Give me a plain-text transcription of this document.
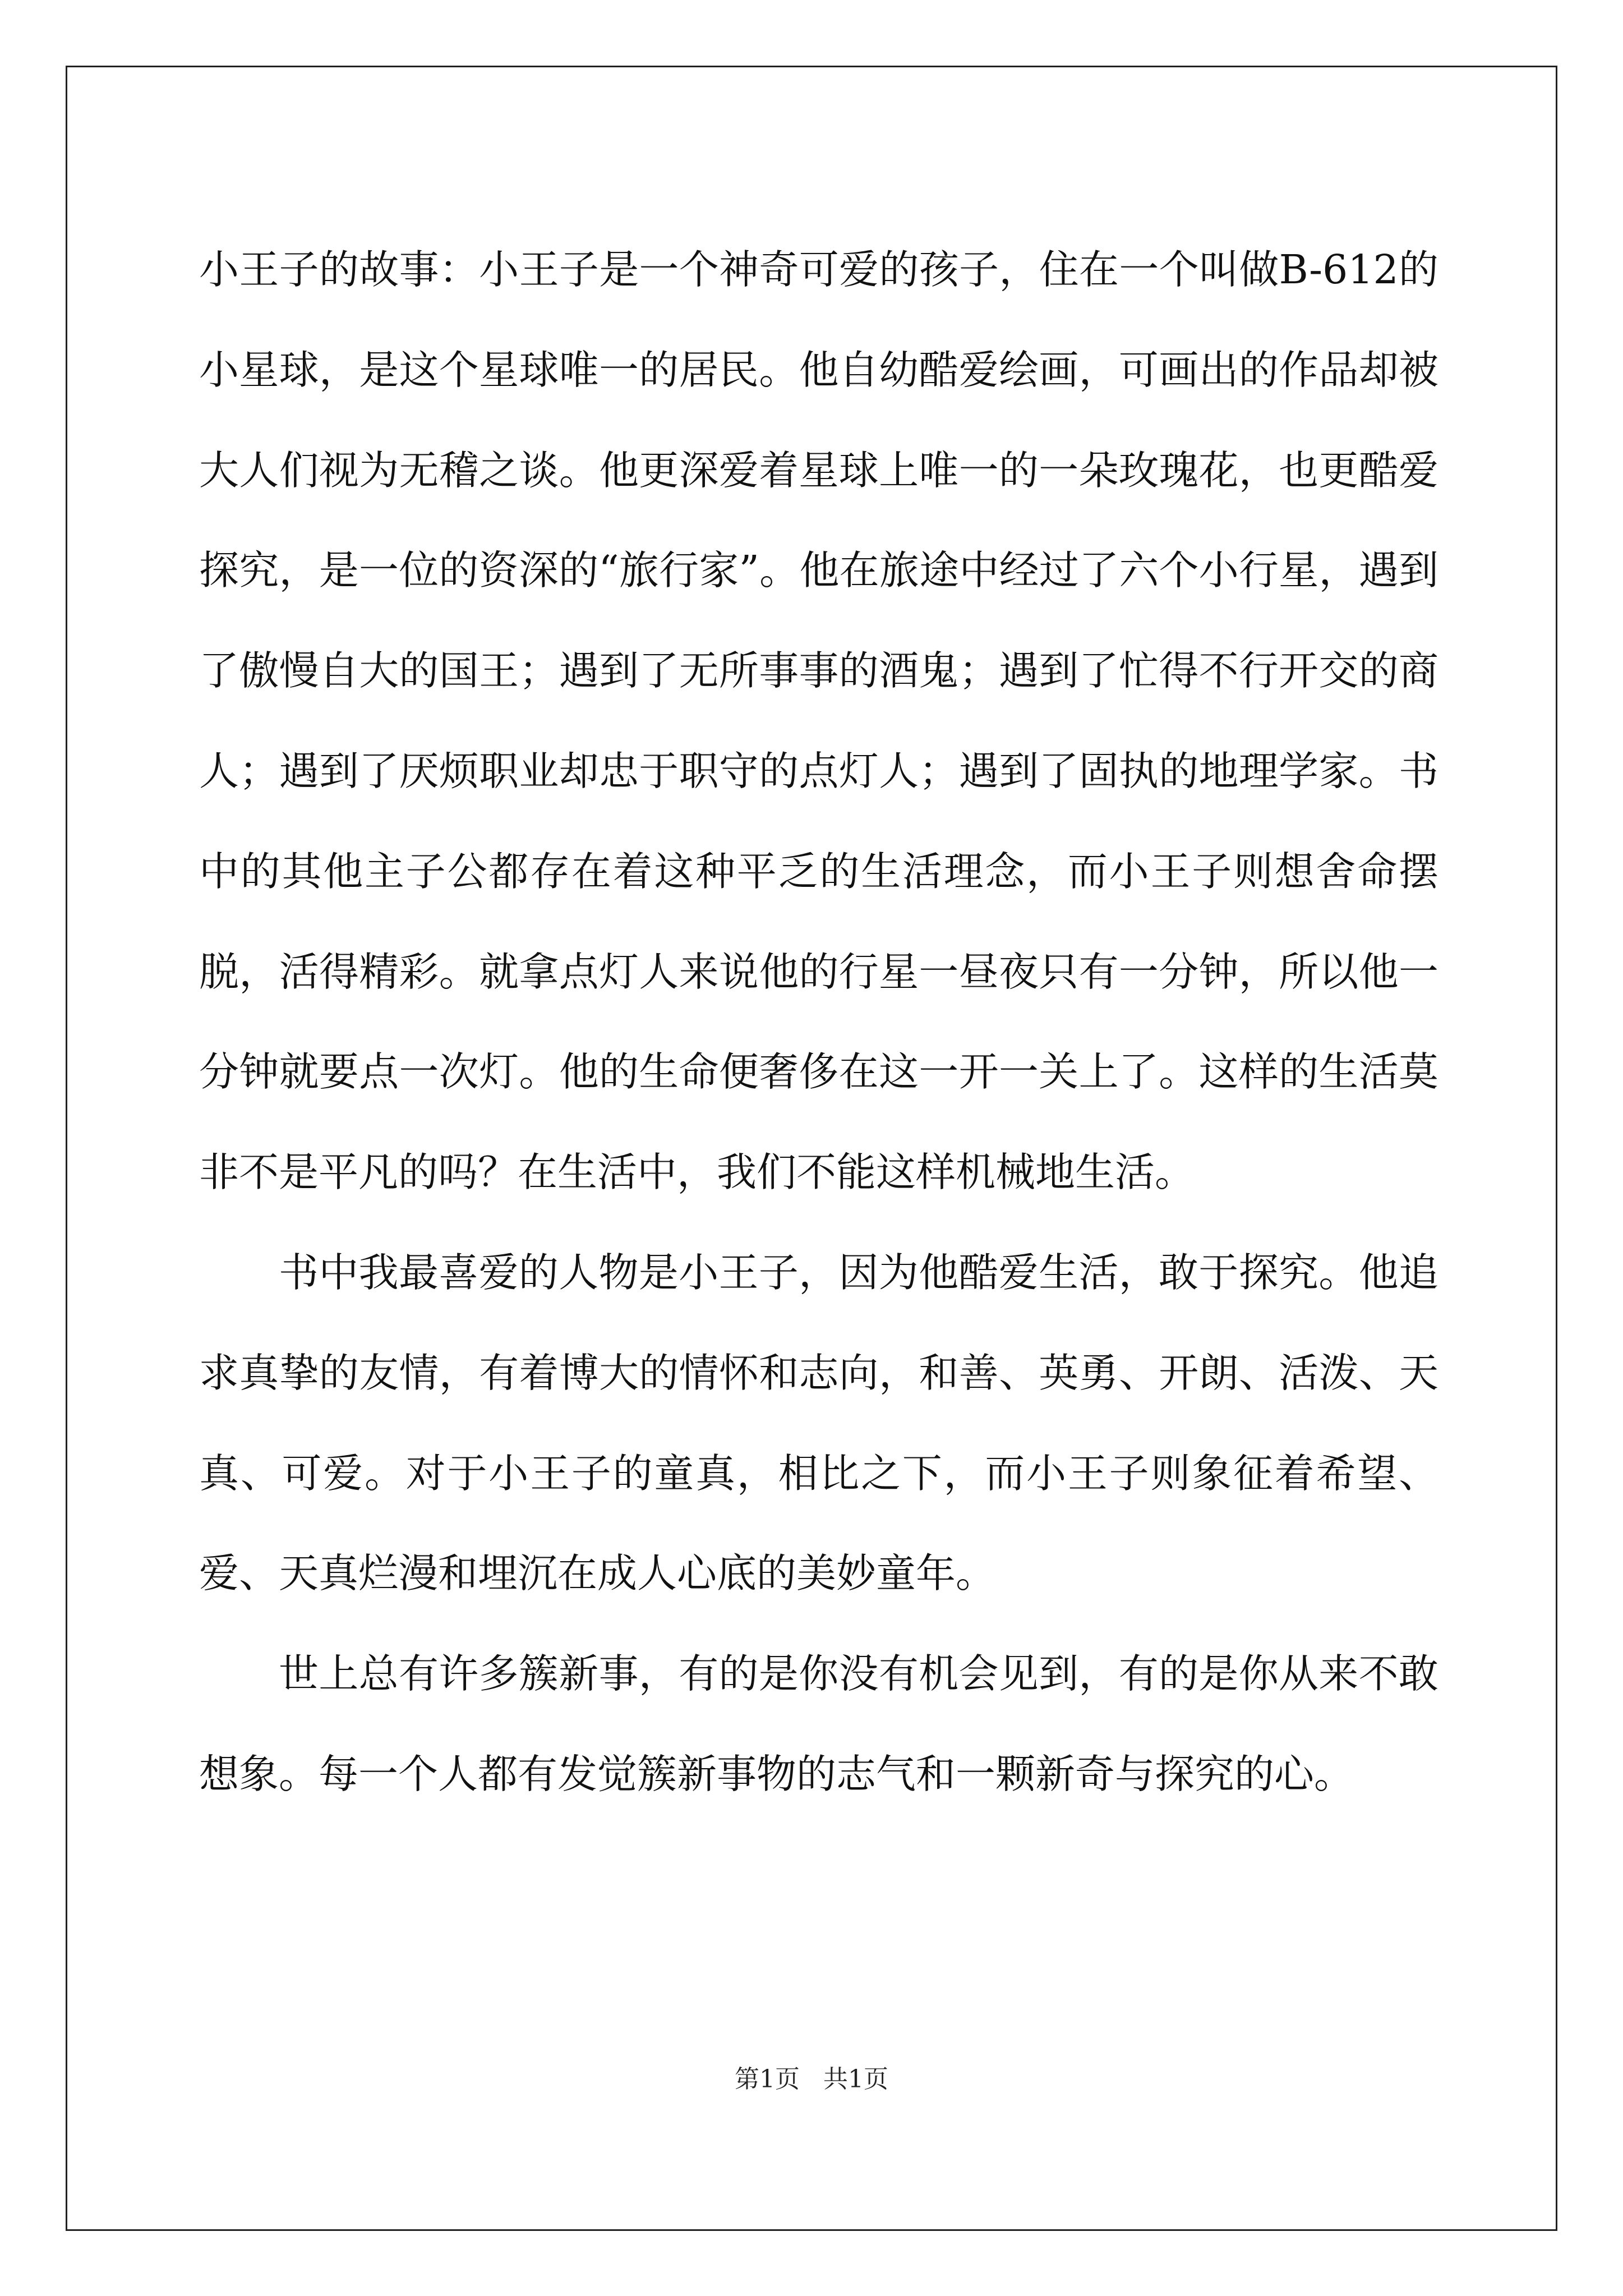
小王子的故事：小王子是一个神奇可爱的孩子，住在一个叫做B-612的小星球，是这个星球唯一的居民。他自幼酷爱绘画，可画出的作品却被大人们视为无稽之谈。他更深爱着星球上唯一的一朵玫瑰花，也更酷爱探究，是一位的资深的“旅行家”。他在旅途中经过了六个小行星，遇到了傲慢自大的国王；遇到了无所事事的酒鬼；遇到了忙得不行开交的商人；遇到了厌烦职业却忠于职守的点灯人；遇到了固执的地理学家。书中的其他主子公都存在着这种平乏的生活理念，而小王子则想舍命摆脱，活得精彩。就拿点灯人来说他的行星一昼夜只有一分钟，所以他一分钟就要点一次灯。他的生命便奢侈在这一开一关上了。这样的生活莫非不是平凡的吗？在生活中，我们不能这样机械地生活。

书中我最喜爱的人物是小王子，因为他酷爱生活，敢于探究。他追求真挚的友情，有着博大的情怀和志向，和善、英勇、开朗、活泼、天真、可爱。对于小王子的童真，相比之下，而小王子则象征着希望、爱、天真烂漫和埋沉在成人心底的美妙童年。

世上总有许多簇新事，有的是你没有机会见到，有的是你从来不敢想象。每一个人都有发觉簇新事物的志气和一颗新奇与探究的心。

第1页   共1页
